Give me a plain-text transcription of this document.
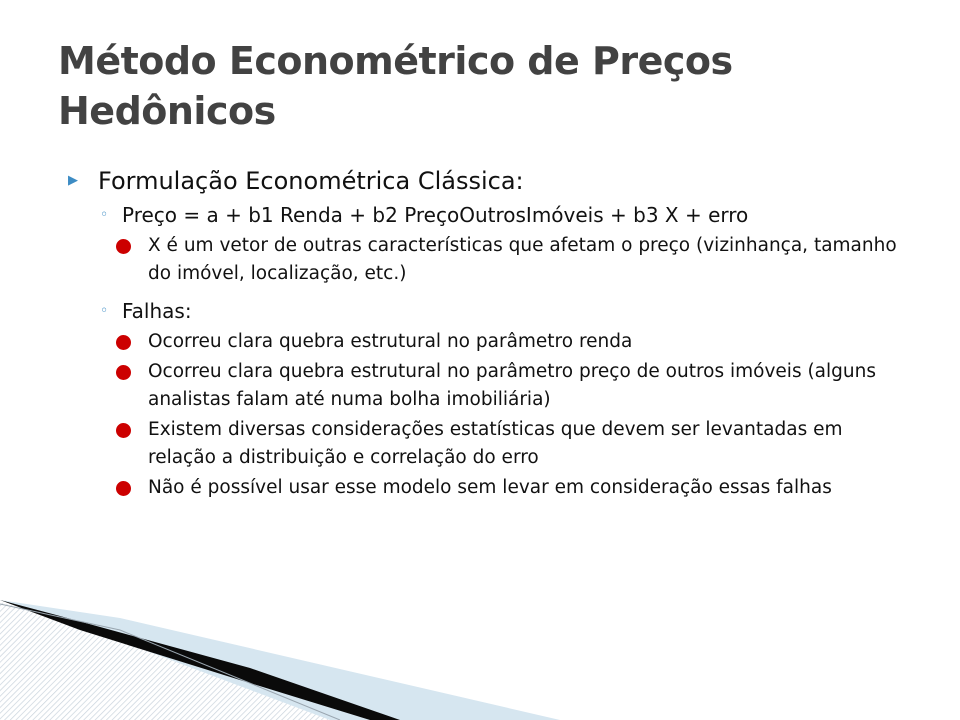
Método Econométrico de Preços Hedônicos
▶ Formulação Econométrica Clássica:
◦ Preço = a + b1 Renda + b2 PreçoOutrosImóveis + b3 X + erro
X é um vetor de outras características que afetam o preço (vizinhança, tamanho do imóvel, localização, etc.)
◦ Falhas:
Ocorreu clara quebra estrutural no parâmetro renda
Ocorreu clara quebra estrutural no parâmetro preço de outros imóveis (alguns analistas falam até numa bolha imobiliária)
Existem diversas considerações estatísticas que devem ser levantadas em relação a distribuição e correlação do erro
Não é possível usar esse modelo sem levar em consideração essas falhas
